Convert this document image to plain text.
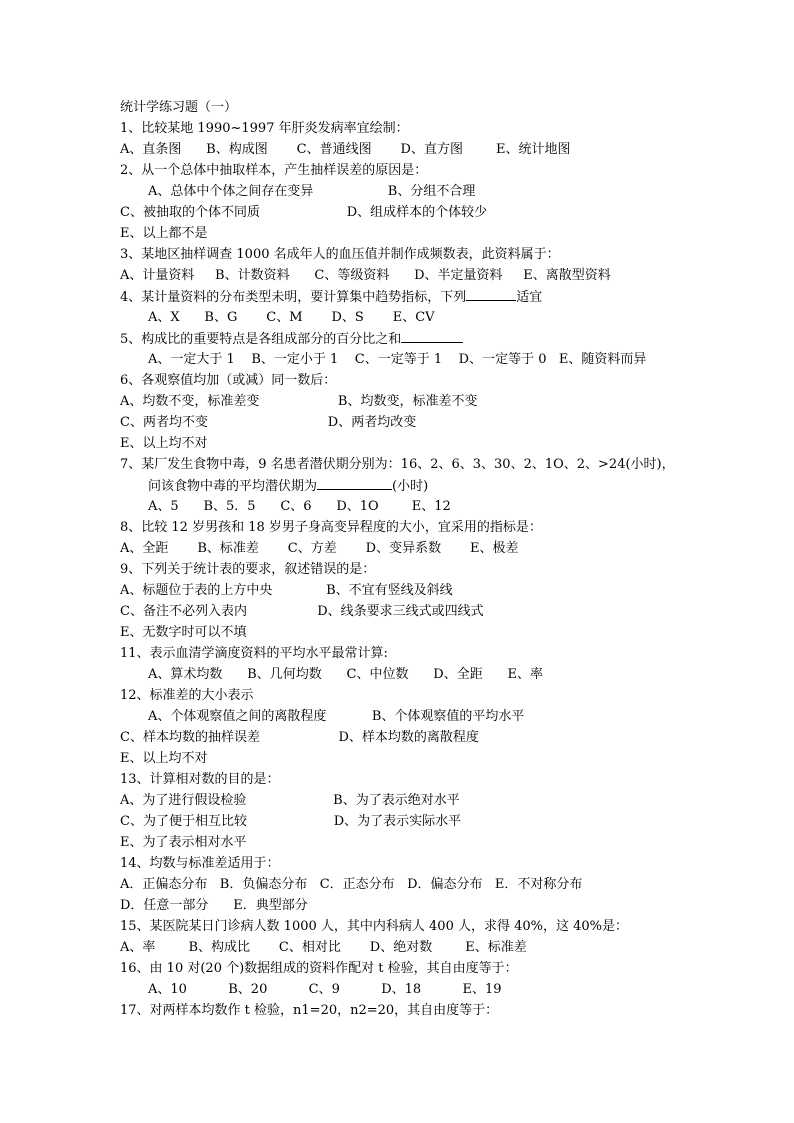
统计学练习题（一）
1、比较某地 1990~1997 年肝炎发病率宜绘制：
A、直条图      B、构成图       C、普通线图       D、直方图        E、统计地图
2、从一个总体中抽取样本，产生抽样误差的原因是：
A、总体中个体之间存在变异                  B、分组不合理
C、被抽取的个体不同质                     D、组成样本的个体较少
E、以上都不是
3、某地区抽样调查 1000 名成年人的血压值并制作成频数表，此资料属于：
A、计量资料     B、计数资料      C、等级资料      D、半定量资料     E、离散型资料
4、某计量资料的分布类型未明，要计算集中趋势指标，下列	适宜
A、X      B、G       C、M       D、S       E、CV
5、构成比的重要特点是各组成部分的百分比之和
A、一定大于 1    B、一定小于 1    C、一定等于 1    D、一定等于 0   E、随资料而异
6、各观察值均加（或减）同一数后：
A、均数不变，标准差变                   B、均数变，标准差不变
C、两者均不变                             D、两者均改变
E、以上均不对
7、某厂发生食物中毒，9 名患者潜伏期分别为：16、2、6、3、30、2、1O、2、>24(小时)，
问该食物中毒的平均潜伏期为	(小时)
A、5      B、5．5      C、6      D、1O        E、12
8、比较 12 岁男孩和 18 岁男子身高变异程度的大小，宜采用的指标是：
A、全距       B、标准差       C、方差       D、变异系数       E、极差
9、下列关于统计表的要求，叙述错误的是：
A、标题位于表的上方中央             B、不宜有竖线及斜线
C、备注不必列入表内                 D、线条要求三线式或四线式
E、无数字时可以不填
11、表示血清学滴度资料的平均水平最常计算:
A、算术均数      B、几何均数      C、中位数      D、全距      E、率
12、标准差的大小表示
A、个体观察值之间的离散程度           B、个体观察值的平均水平
C、样本均数的抽样误差                   D、样本均数的离散程度
E、以上均不对
13、计算相对数的目的是：
A、为了进行假设检验                     B、为了表示绝对水平
C、为了便于相互比较                     D、为了表示实际水平
E、为了表示相对水平
14、均数与标准差适用于：
A．正偏态分布   B．负偏态分布   C．正态分布   D．偏态分布   E．不对称分布
D．任意一部分      E．典型部分
15、某医院某日门诊病人数 1000 人，其中内科病人 400 人，求得 40%，这 40%是：
A、率        B、构成比       C、相对比       D、绝对数        E、标准差
16、由 10 对(20 个)数据组成的资料作配对 t 检验，其自由度等于：
A、10          B、20          C、9          D、18          E、19
17、对两样本均数作 t 检验，n1=20，n2=20，其自由度等于：
